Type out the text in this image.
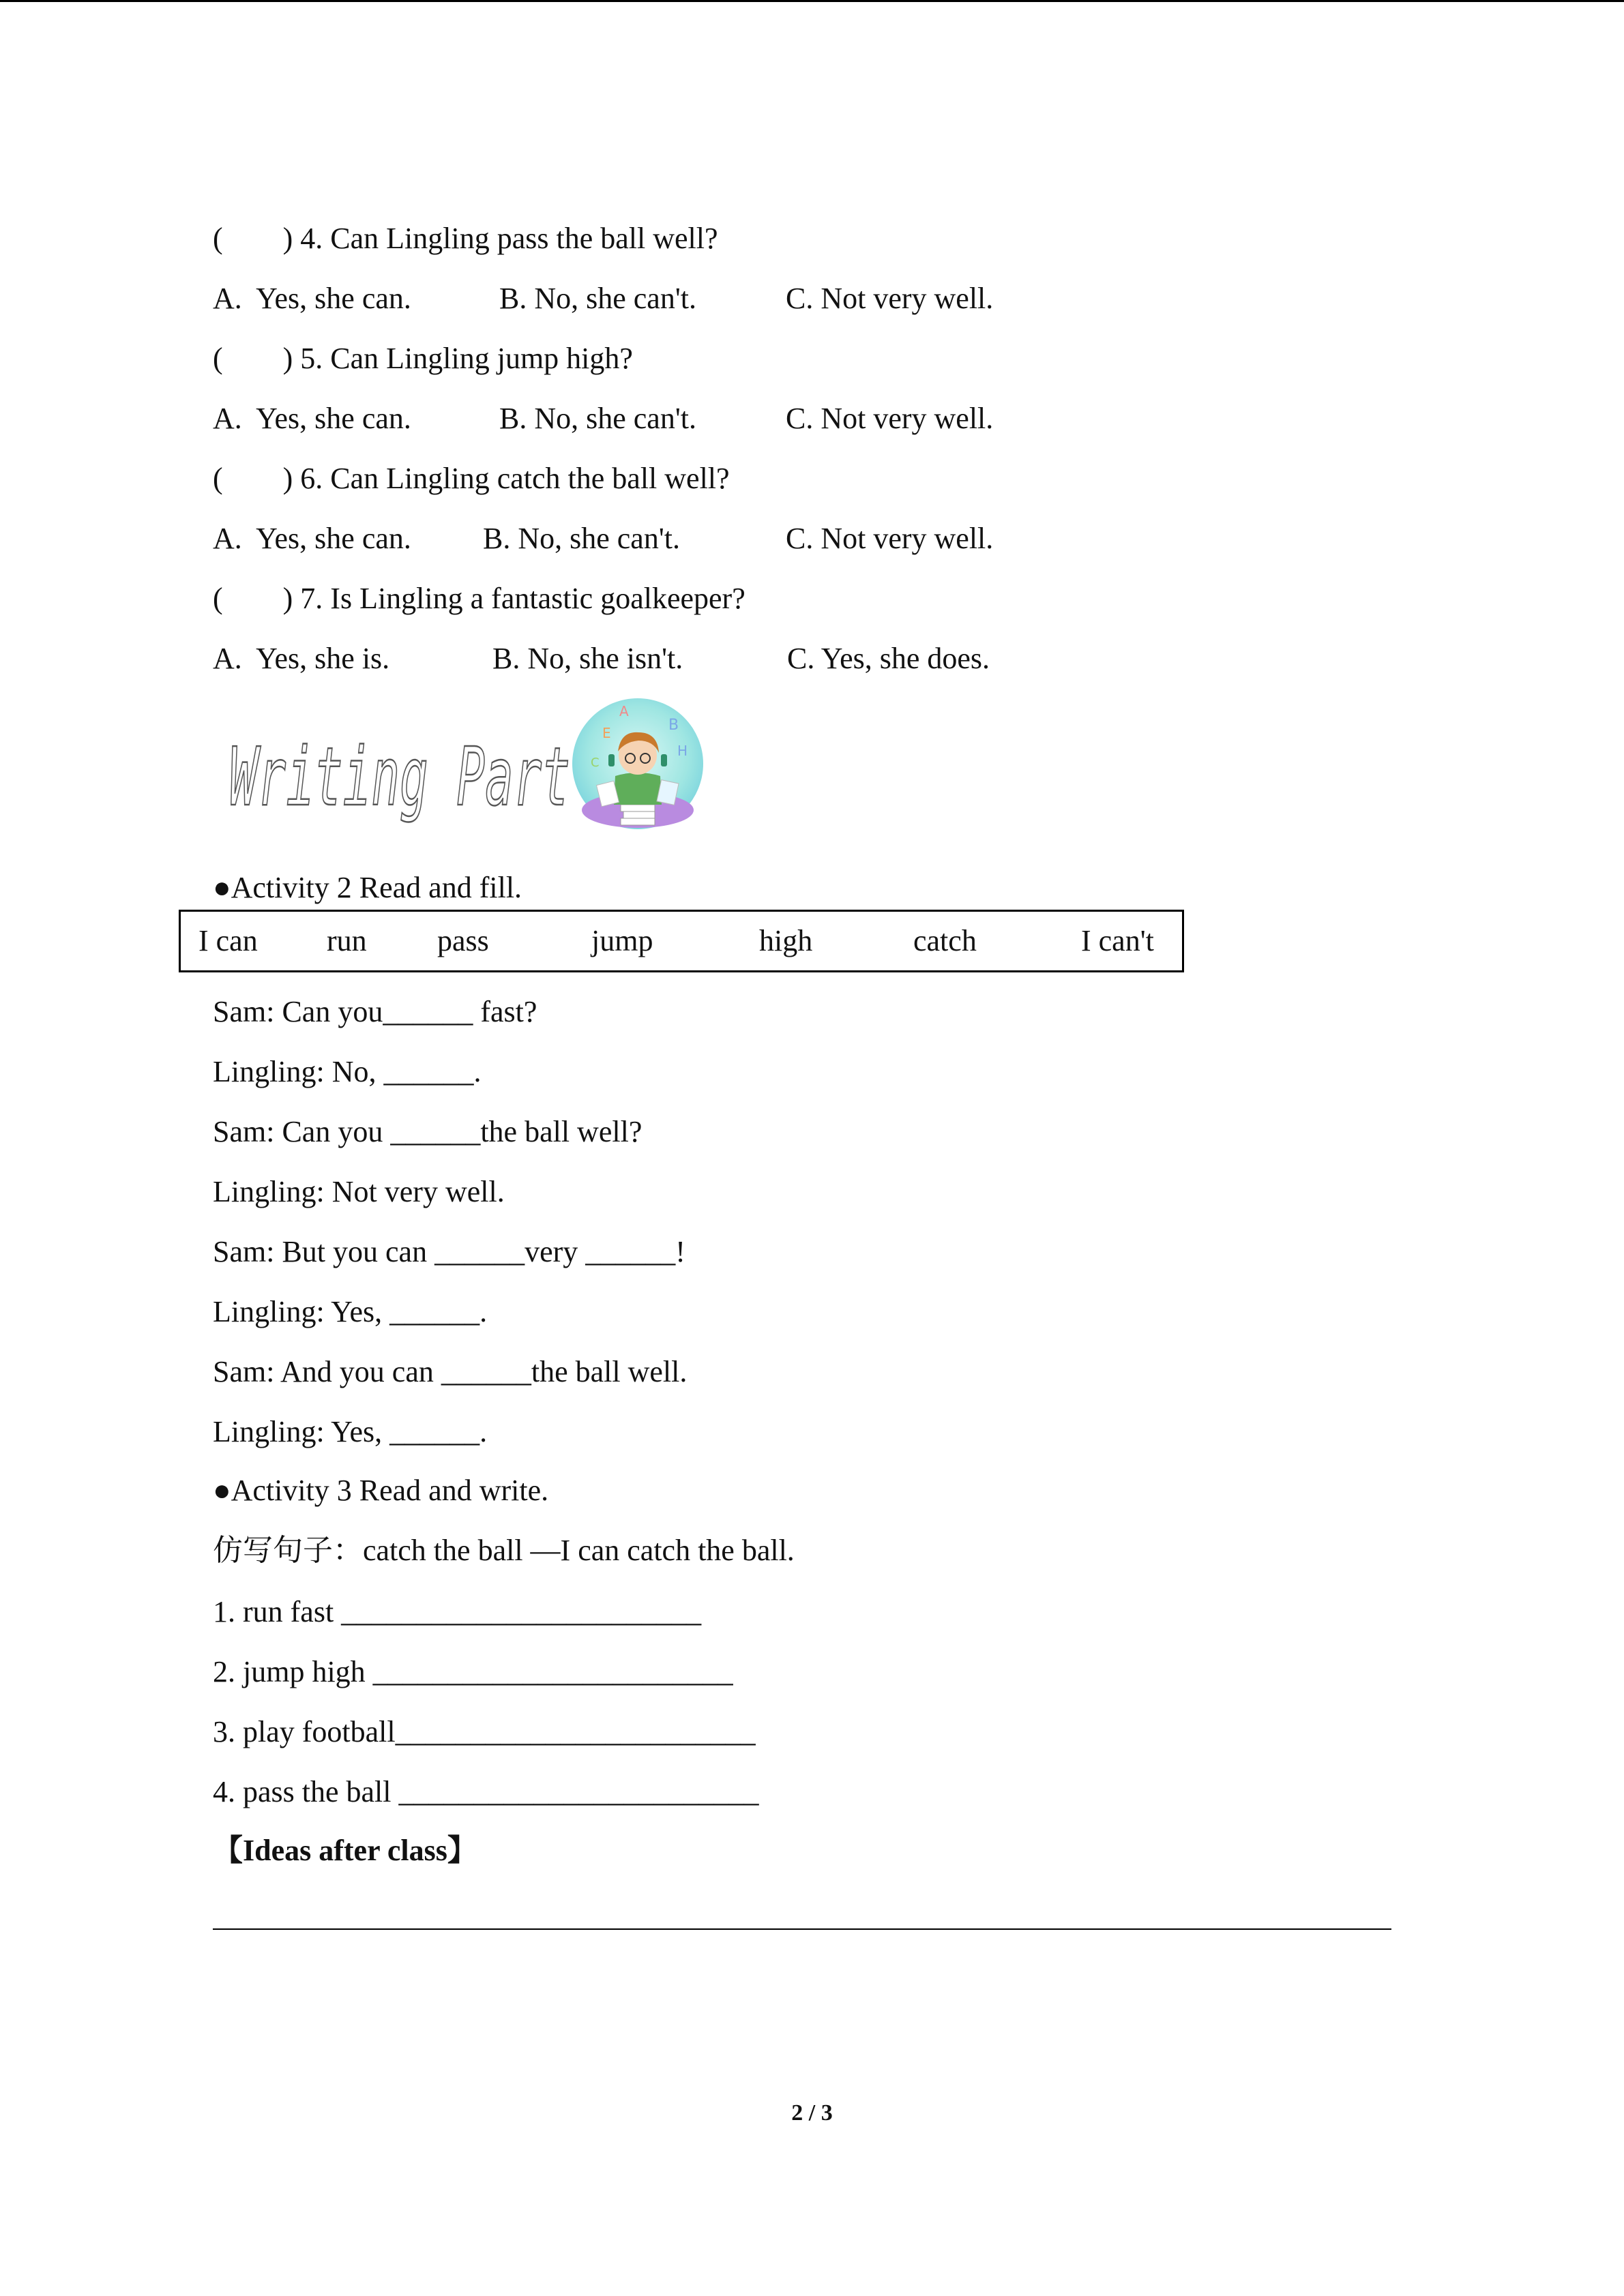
(        ) 4. Can Lingling pass the ball well?
A.  Yes, she can.	B. No, she can't.	C. Not very well.
(        ) 5. Can Lingling jump high?
A.  Yes, she can.	B. No, she can't.	C. Not very well.
(        ) 6. Can Lingling catch the ball well?
A.  Yes, she can. B. No, she can't.	C. Not very well.
(        ) 7. Is Lingling a fantastic goalkeeper?
A.  Yes, she is.	B. No, she isn't.	C. Yes, she does.
Writing Part
A
E	B
H
C
●Activity 2 Read and fill.
I can run pass	jump	high	catch	I can't
Sam: Can you______ fast?
Lingling: No, ______.
Sam: Can you ______the ball well?
Lingling: Not very well.
Sam: But you can ______very ______!
Lingling: Yes, ______.
Sam: And you can ______the ball well.
Lingling: Yes, ______.
●Activity 3 Read and write.
仿写句子：catch the ball —I can catch the ball.
1. run fast ________________________
2. jump high ________________________
3. play football________________________
4. pass the ball ________________________
【Ideas after class】
2 / 3
